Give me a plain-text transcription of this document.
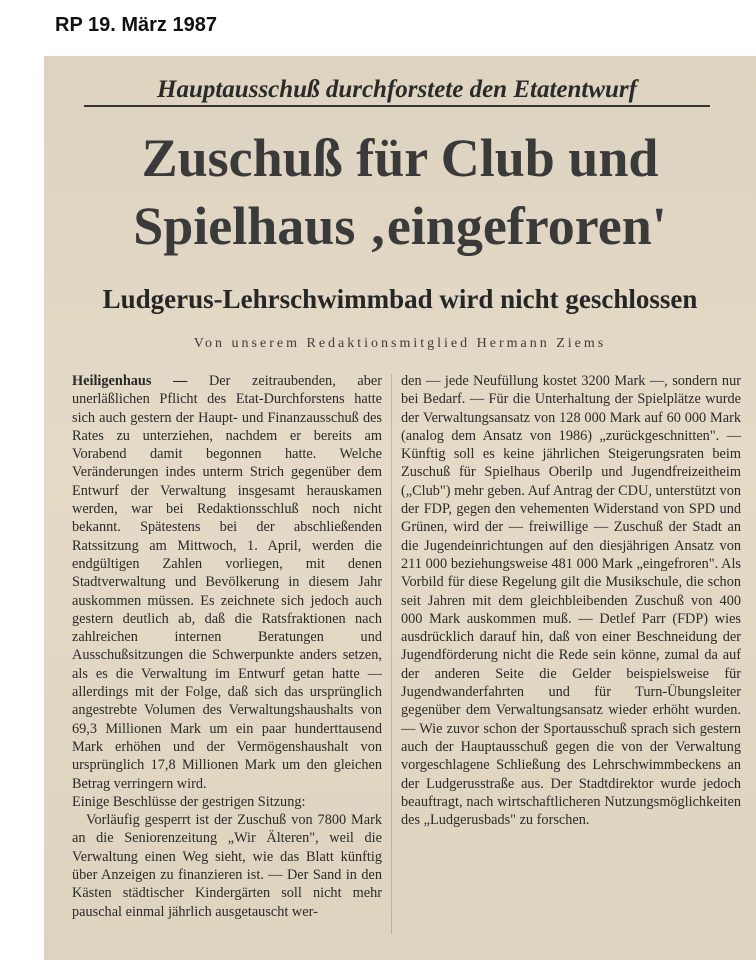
RP 19. März 1987
Hauptausschuß durchforstete den Etatentwurf
Zuschuß für Club und
Spielhaus ‚eingefroren'
Ludgerus-Lehrschwimmbad wird nicht geschlossen
Von unserem Redaktionsmitglied Hermann Ziems

Heiligenhaus — Der zeitraubenden, aber unerläßlichen Pflicht des Etat-Durchforstens hatte sich auch gestern der Haupt- und Finanzausschuß des Rates zu unterziehen, nachdem er bereits am Vorabend damit begonnen hatte. Welche Veränderungen indes unterm Strich gegenüber dem Entwurf der Verwaltung insgesamt herauskamen werden, war bei Redaktionsschluß noch nicht bekannt. Spätestens bei der abschließenden Ratssitzung am Mittwoch, 1. April, werden die endgültigen Zahlen vorliegen, mit denen Stadtverwaltung und Bevölkerung in diesem Jahr auskommen müssen. Es zeichnete sich jedoch auch gestern deutlich ab, daß die Ratsfraktionen nach zahlreichen internen Beratungen und Ausschußsitzungen die Schwerpunkte anders setzen, als es die Verwaltung im Entwurf getan hatte — allerdings mit der Folge, daß sich das ursprünglich angestrebte Volumen des Verwaltungshaushalts von 69,3 Millionen Mark um ein paar hunderttausend Mark erhöhen und der Vermögenshaushalt von ursprünglich 17,8 Millionen Mark um den gleichen Betrag verringern wird.

Einige Beschlüsse der gestrigen Sitzung:

Vorläufig gesperrt ist der Zuschuß von 7800 Mark an die Seniorenzeitung „Wir Älteren", weil die Verwaltung einen Weg sieht, wie das Blatt künftig über Anzeigen zu finanzieren ist. — Der Sand in den Kästen städtischer Kindergärten soll nicht mehr pauschal einmal jährlich ausgetauscht wer-

den — jede Neufüllung kostet 3200 Mark —, sondern nur bei Bedarf. — Für die Unterhaltung der Spielplätze wurde der Verwaltungsansatz von 128 000 Mark auf 60 000 Mark (analog dem Ansatz von 1986) „zurückgeschnitten". — Künftig soll es keine jährlichen Steigerungsraten beim Zuschuß für Spielhaus Oberilp und Jugendfreizeitheim („Club") mehr geben. Auf Antrag der CDU, unterstützt von der FDP, gegen den vehementen Widerstand von SPD und Grünen, wird der — freiwillige — Zuschuß der Stadt an die Jugendeinrichtungen auf den diesjährigen Ansatz von 211 000 beziehungsweise 481 000 Mark „eingefroren". Als Vorbild für diese Regelung gilt die Musikschule, die schon seit Jahren mit dem gleichbleibenden Zuschuß von 400 000 Mark auskommen muß. — Detlef Parr (FDP) wies ausdrücklich darauf hin, daß von einer Beschneidung der Jugendförderung nicht die Rede sein könne, zumal da auf der anderen Seite die Gelder beispielsweise für Jugendwanderfahrten und für Turn-Übungsleiter gegenüber dem Verwaltungsansatz wieder erhöht wurden. — Wie zuvor schon der Sportausschuß sprach sich gestern auch der Hauptausschuß gegen die von der Verwaltung vorgeschlagene Schließung des Lehrschwimmbeckens an der Ludgerusstraße aus. Der Stadtdirektor wurde jedoch beauftragt, nach wirtschaftlicheren Nutzungsmöglichkeiten des „Ludgerusbads" zu forschen.
